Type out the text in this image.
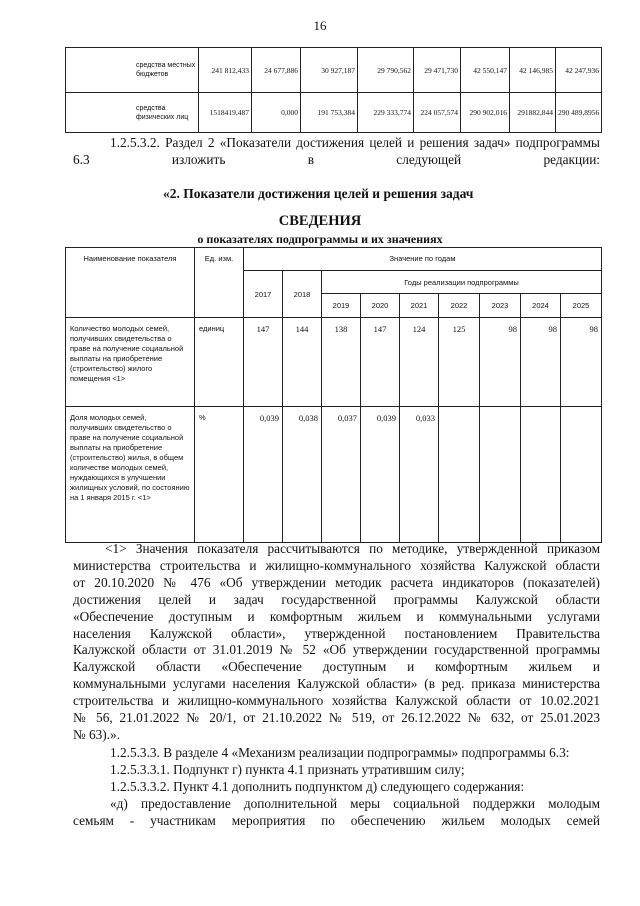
16
средства местных бюджетов	241 812,433	24 677,886	30 927,187	29 790,562	29 471,730	42 550,147	42 146,985	42 247,936
средства физических лиц	1518419,487	0,000	191 753,384	229 333,774	224 057,574	290 902,016	291882,844	290 489,8956
1.2.5.3.2. Раздел 2 «Показатели достижения целей и решения задач» подпрограммы 6.3 изложить в следующей редакции:
«2. Показатели достижения целей и решения задач
СВЕДЕНИЯ
о показателях подпрограммы и их значениях
Наименование показателя	Ед. изм.	Значение по годам								
		2017	2018	Годы реализации подпрограммы						
				2019	2020	2021	2022	2023	2024	2025
Количество молодых семей, получивших свидетельства о праве на получение социальной выплаты на приобретение (строительство) жилого помещения <1>	единиц	147	144	138	147	124	125	98	98	98
Доля молодых семей, получивших свидетельство о праве на получение социальной выплаты на приобретение (строительство) жилья, в общем количестве молодых семей, нуждающихся в улучшении жилищных условий, по состоянию на 1 января 2015 г. <1>	%	0,039	0,038	0,037	0,039	0,033				
<1> Значения показателя рассчитываются по методике, утвержденной приказом
министерства строительства и жилищно-коммунального хозяйства Калужской области
от 20.10.2020 № 476 «Об утверждении методик расчета индикаторов (показателей)
достижения целей и задач государственной программы Калужской области
«Обеспечение доступным и комфортным жильем и коммунальными услугами
населения Калужской области», утвержденной постановлением Правительства
Калужской области от 31.01.2019 № 52 «Об утверждении государственной программы
Калужской области «Обеспечение доступным и комфортным жильем и
коммунальными услугами населения Калужской области» (в ред. приказа министерства
строительства и жилищно-коммунального хозяйства Калужской области от 10.02.2021
№ 56, 21.01.2022 № 20/1, от 21.10.2022 № 519, от 26.12.2022 № 632, от 25.01.2023
№ 63).».
1.2.5.3.3. В разделе 4 «Механизм реализации подпрограммы» подпрограммы 6.3:
1.2.5.3.3.1. Подпункт г) пункта 4.1 признать утратившим силу;
1.2.5.3.3.2. Пункт 4.1 дополнить подпунктом д) следующего содержания:
«д) предоставление дополнительной меры социальной поддержки молодым
семьям - участникам мероприятия по обеспечению жильем молодых семей
